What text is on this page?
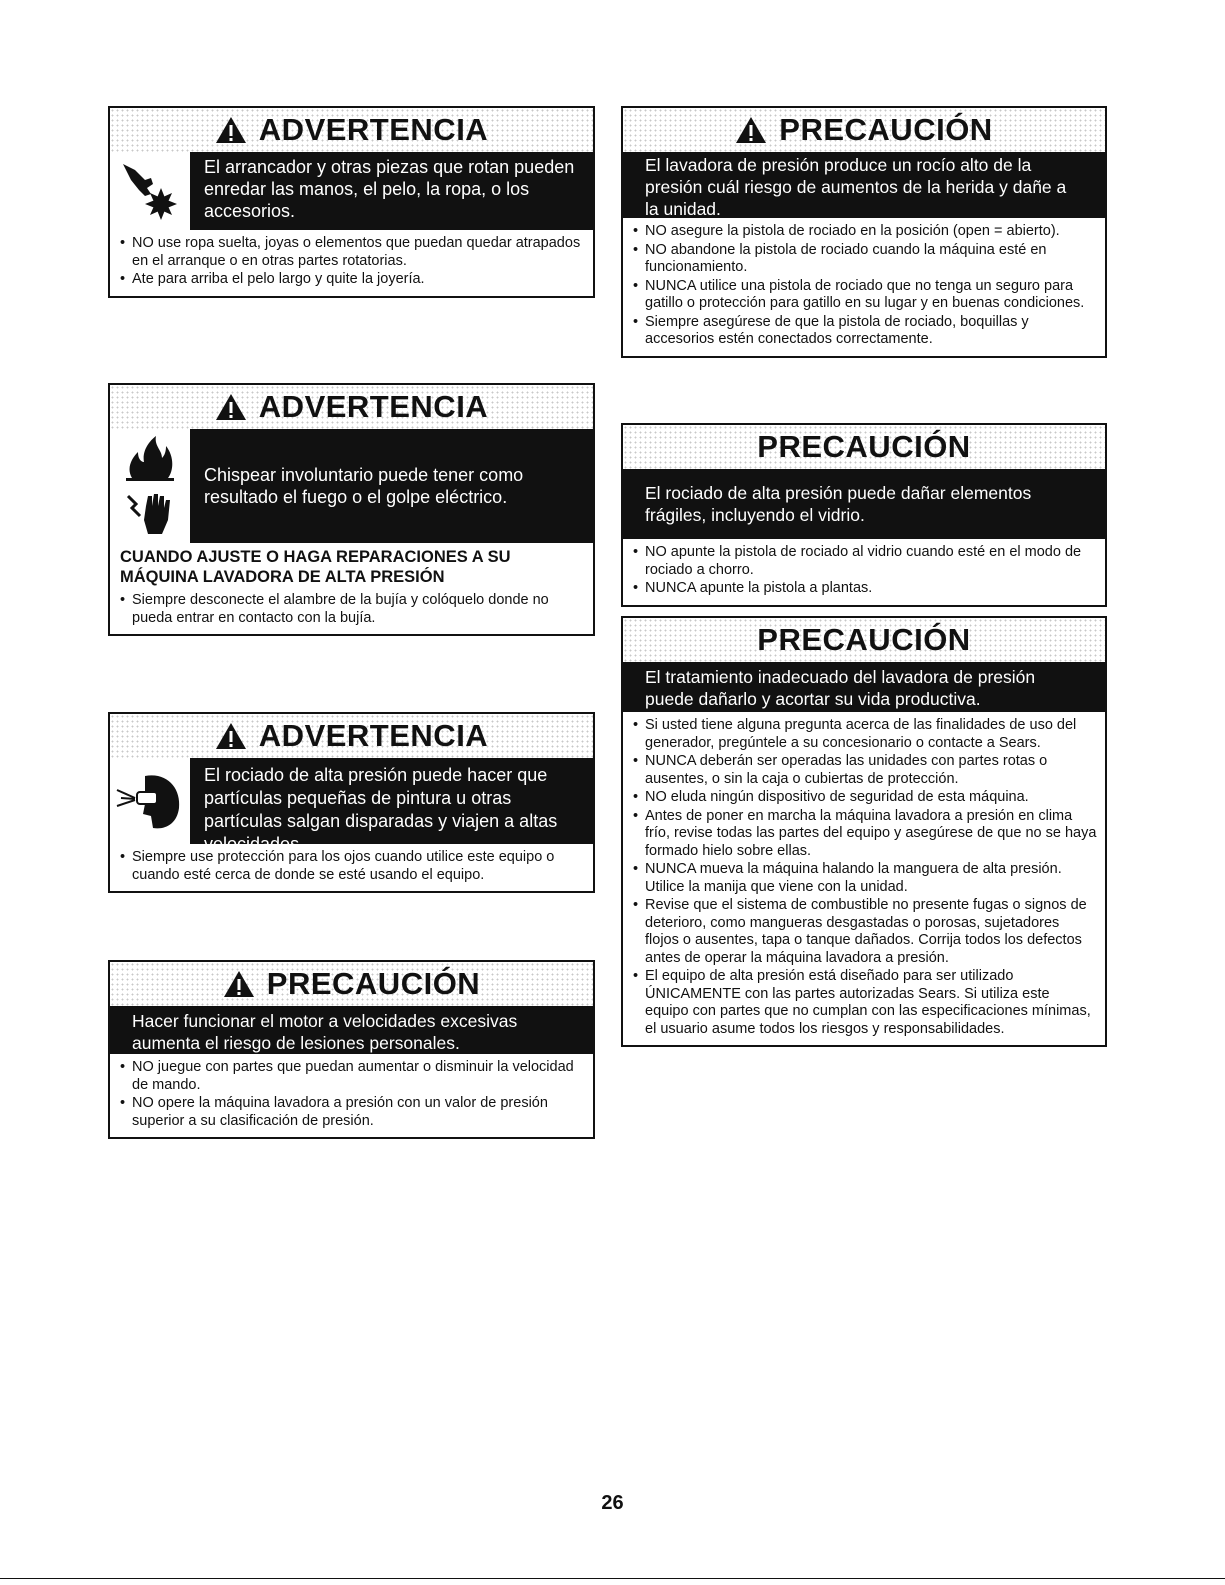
ADVERTENCIA
El arrancador y otras piezas que rotan pueden enredar las manos, el pelo, la ropa, o los accesorios.
• NO use ropa suelta, joyas o elementos que puedan quedar atrapados en el arranque o en otras partes rotatorias.
• Ate para arriba el pelo largo y quite la joyería.
ADVERTENCIA
Chispear involuntario puede tener como resultado el fuego o el golpe eléctrico.
CUANDO AJUSTE O HAGA REPARACIONES A SU MÁQUINA LAVADORA DE ALTA PRESIÓN
• Siempre desconecte el alambre de la bujía y colóquelo donde no pueda entrar en contacto con la bujía.
ADVERTENCIA
El rociado de alta presión puede hacer que partículas pequeñas de pintura u otras partículas salgan disparadas y viajen a altas velocidades.
• Siempre use protección para los ojos cuando utilice este equipo o cuando esté cerca de donde se esté usando el equipo.
PRECAUCIÓN
Hacer funcionar el motor a velocidades excesivas aumenta el riesgo de lesiones personales.
• NO juegue con partes que puedan aumentar o disminuir la velocidad de mando.
• NO opere la máquina lavadora a presión con un valor de presión superior a su clasificación de presión.
PRECAUCIÓN
El lavadora de presión produce un rocío alto de la presión cuál riesgo de aumentos de la herida y dañe a la unidad.
• NO asegure la pistola de rociado en la posición (open = abierto).
• NO abandone la pistola de rociado cuando la máquina esté en funcionamiento.
• NUNCA utilice una pistola de rociado que no tenga un seguro para gatillo o protección para gatillo en su lugar y en buenas condiciones.
• Siempre asegúrese de que la pistola de rociado, boquillas y accesorios estén conectados correctamente.
PRECAUCIÓN
El rociado de alta presión puede dañar elementos frágiles, incluyendo el vidrio.
• NO apunte la pistola de rociado al vidrio cuando esté en el modo de rociado a chorro.
• NUNCA apunte la pistola a plantas.
PRECAUCIÓN
El tratamiento inadecuado del lavadora de presión puede dañarlo y acortar su vida productiva.
• Si usted tiene alguna pregunta acerca de las finalidades de uso del generador, pregúntele a su concesionario o contacte a Sears.
• NUNCA deberán ser operadas las unidades con partes rotas o ausentes, o sin la caja o cubiertas de protección.
• NO eluda ningún dispositivo de seguridad de esta máquina.
• Antes de poner en marcha la máquina lavadora a presión en clima frío, revise todas las partes del equipo y asegúrese de que no se haya formado hielo sobre ellas.
• NUNCA mueva la máquina halando la manguera de alta presión. Utilice la manija que viene con la unidad.
• Revise que el sistema de combustible no presente fugas o signos de deterioro, como mangueras desgastadas o porosas, sujetadores flojos o ausentes, tapa o tanque dañados. Corrija todos los defectos antes de operar la máquina lavadora a presión.
• El equipo de alta presión está diseñado para ser utilizado ÚNICAMENTE con las partes autorizadas Sears. Si utiliza este equipo con partes que no cumplan con las especificaciones mínimas, el usuario asume todos los riesgos y responsabilidades.
26
